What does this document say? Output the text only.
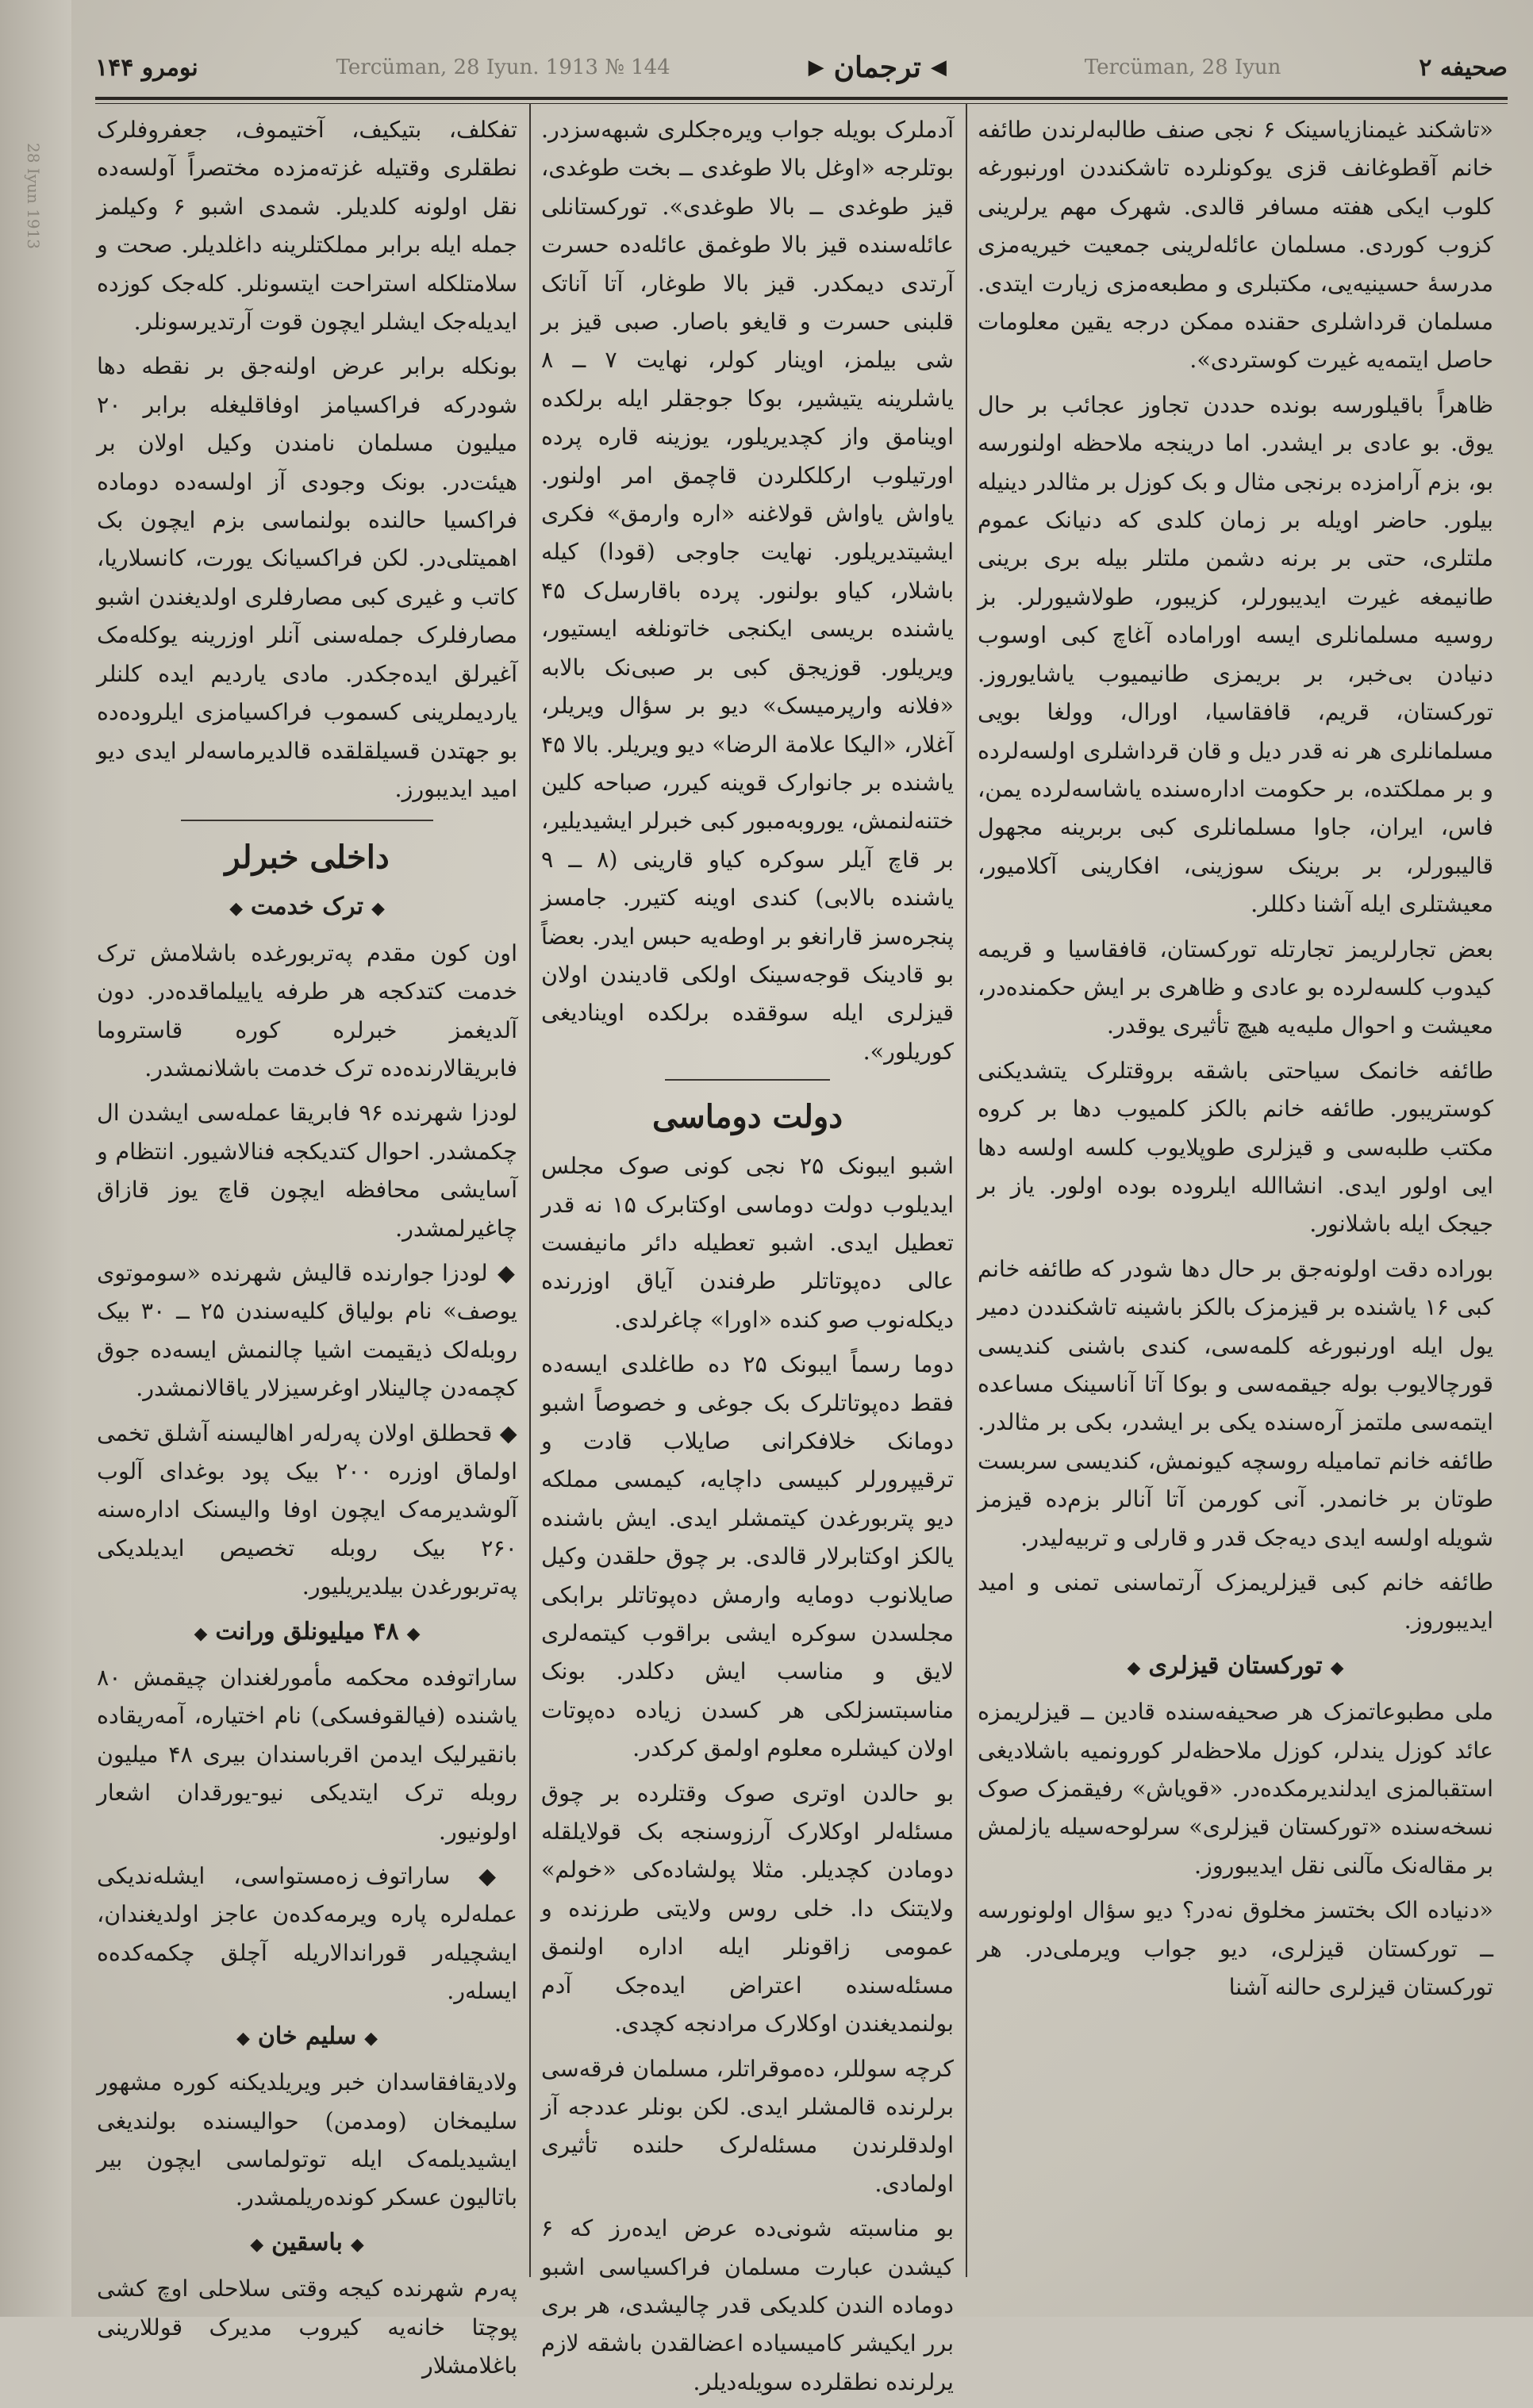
28 Iyun 1913
صحیفه ۲
Tercüman, 28 Iyun
◀
ترجمان
▶
Tercüman, 28 Iyun. 1913 № 144
نومرو ۱۴۴

«تاشکند غیمنازیاسینک ۶ نجی صنف طالبه‌لرندن طائفه خانم آقطوغانف قزی یوکونلرده تاشکنددن اورنبورغه کلوب ایکی هفته مسافر قالدی. شهرک مهم یرلرینی کزوب کوردی. مسلمان عائله‌لرینی جمعیت خیریه‌مزی مدرسهٔ حسینیه‌یی، مکتبلری و مطبعه‌مزی زیارت ایتدی. مسلمان قرداشلری حقنده ممکن درجه یقین معلومات حاصل ایتمه‌یه غیرت کوستردی».

ظاهراً باقیلورسه بونده حددن تجاوز عجائب بر حال یوق. بو عادی بر ایشدر. اما درینجه ملاحظه اولنورسه بو، بزم آرامزده برنجی مثال و بک کوزل بر مثالدر دینیله بیلور. حاضر اویله بر زمان کلدی که دنیانک عموم ملتلری، حتی بر برنه دشمن ملتلر بیله بری برینی طانیمغه غیرت ایدیبورلر، کزیبور، طولاشیورلر. بز روسیه مسلمانلری ایسه اوراماده آغاچ کبی اوسوب دنیادن بی‌خبر، بر بریمزی طانیمیوب یاشایوروز. تورکستان، قریم، قافقاسیا، اورال، وولغا بویی مسلمانلری هر نه قدر دیل و قان قرداشلری اولسه‌لرده و بر مملکتده، بر حکومت اداره‌سنده یاشاسه‌لرده یمن، فاس، ایران، جاوا مسلمانلری کبی بربرینه مجهول قالیبورلر، بر برینک سوزینی، افکارینی آکلامیور، معیشتلری ایله آشنا دکللر.

بعض تجارلریمز تجارتله تورکستان، قافقاسیا و قریمه کیدوب کلسه‌لرده بو عادی و ظاهری بر ایش حکمنده‌در، معیشت و احوال ملیه‌یه هیچ تأثیری یوقدر.

طائفه خانمک سیاحتی باشقه بروقتلرک یتشدیکنی کوستریبور. طائفه خانم بالکز کلمیوب دها بر کروه مکتب طلبه‌سی و قیزلری طوپلایوب کلسه اولسه دها ایی اولور ایدی. انشاالله ایلروده بوده اولور. یاز بر جیجک ایله باشلانور.

بوراده دقت اولونه‌جق بر حال دها شودر که طائفه خانم کبی ۱۶ یاشنده بر قیزمزک بالکز باشینه تاشکنددن دمیر یول ایله اورنبورغه کلمه‌سی، کندی باشنی کندیسی قورچالایوب بوله جیقمه‌سی و بوکا آتا آناسینک مساعده ایتمه‌سی ملتمز آرەسنده یکی بر ایشدر، بکی بر مثالدر. طائفه خانم تمامیله روسچه کیونمش، کندیسی سربست طوتان بر خانمدر. آنی کورمن آتا آنالر بزم‌ده قیزمز شویله اولسه ایدی دیه‌جک قدر و قارلی و تربیه‌لیدر.

طائفه خانم کبی قیزلریمزک آرتماسنی تمنی و امید ایدیبوروز.

◆تورکستان قیزلری◆

ملی مطبوعاتمزک هر صحیفه‌سنده قادین ــ قیزلریمزه عائد کوزل یندلر، کوزل ملاحظه‌لر کورونمیه باشلادیغی استقبالمزی ایدلندیرمکده‌در. «قویاش» رفیقمزک صوک نسخه‌سنده «تورکستان قیزلری» سرلوحه‌سیله یازلمش بر مقاله‌نک مآلنی نقل ایدیبوروز.

«دنیاده الک بختسز مخلوق نه‌در؟ دیو سؤال اولونورسه ــ تورکستان قیزلری، دیو جواب ویرملی‌در. هر تورکستان قیزلری حالنه آشنا

آدملرک بویله جواب ویره‌جکلری شبهه‌سزدر. بوتلرجه «اوغل بالا طوغدی ــ بخت طوغدی، قیز طوغدی ــ بالا طوغدی». تورکستانلی عائله‌سنده قیز بالا طوغمق عائله‌ده حسرت آرتدی دیمکدر. قیز بالا طوغار، آتا آناتک قلبنی حسرت و قایغو باصار. صبی قیز بر شی بیلمز، اوینار کولر، نهایت ۷ ــ ۸ یاشلرینه یتیشیر، بوکا جوجقلر ایله برلکده اوینامق واز کچدیریلور، یوزینه قاره پرده اورتیلوب ارکلکلردن قاچمق امر اولنور. یاواش یاواش قولاغنه «اره وارمق» فکری ایشیتدیریلور. نهایت جاوجی (قودا) کیله باشلار، کیاو بولنور. پرده باقارسل‌ک ۴۵ یاشنده بریسی ایکنجی خاتونلغه ایستیور، ویریلور. قوزیجق کبی بر صبی‌نک بالابه «فلانه وارپرمیسک» دیو بر سؤال ویریلر، آغلار، «الیکا علامة الرضا» دیو ویریلر. بالا ۴۵ یاشنده بر جانوارک قوینه کیرر، صباحه کلین ختنه‌لنمش، یوروبه‌مبور کبی خبرلر ایشیدیلیر، بر قاچ آیلر سوکره کیاو قارینی (۸ ــ ۹ یاشنده بالابی) کندی اوینه کتیرر. جامسز پنجره‌سز قارانغو بر اوطه‌یه حبس ایدر. بعضاً بو قادینک قوجه‌سینک اولکی قادیندن اولان قیزلری ایله سوققده برلکده اوینادیغی کوریلور».

دولت دوماسی

اشبو ایبونک ۲۵ نجی کونی صوک مجلس ایدیلوب دولت دوماسی اوکتابرک ۱۵ نه قدر تعطیل ایدی. اشبو تعطیله دائر مانیفست عالی ده‌پوتاتلر طرفندن آیاق اوزرنده دیکله‌نوب صو کنده «اورا» چاغرلدی.

دوما رسماً ایبونک ۲۵ ده طاغلدی ایسه‌ده فقط ده‌پوتاتلرک بک جوغی و خصوصاً اشبو دومانک خلافکرانی صایلاب قادت و ترقیپرورلر کبیسی داچایه، کیمسی مملکه دیو پتربورغدن کیتمشلر ایدی. ایش باشنده یالکز اوکتابرلار قالدی. بر چوق حلقدن وکیل صایلانوب دومایه وارمش ده‌پوتاتلر برابکی مجلسدن سوکره ایشی براقوب کیتمه‌لری لایق و مناسب ایش دکلدر. بونک مناسبتسزلکی هر کسدن زیاده ده‌پوتات اولان کیشلره معلوم اولمق کرکدر.

بو حالدن اوتری صوک وقتلرده بر چوق مسئله‌لر اوکلارک آرزوسنجه بک قولایلقله دومادن کچدیلر. مثلا پولشاده‌کی «خولم» ولایتنک دا. خلی روس ولایتی طرزنده و عمومی زاقونلر ایله اداره اولنمق مسئله‌سنده اعتراض ایده‌جک آدم بولنمدیغندن اوکلارک مرادنجه کچدی.

کرچه سوللر، ده‌موقراتلر، مسلمان فرقه‌سی برلرنده قالمشلر ایدی. لکن بونلر عددجه آز اولدقلرندن مسئله‌لرک حلنده تأثیری اولمادی.

بو مناسبته شونی‌ده عرض ایده‌رز که ۶ کیشدن عبارت مسلمان فراکسیاسی اشبو دوماده الندن کلدیکی قدر چالیشدی، هر بری برر ایکیشر کامیسیاده اعضالقدن باشقه لازم یرلرنده نطقلرده سویله‌دیلر.

تفکلف، بتیکیف، آختیموف، جعفروفلرک نطقلری وقتیله غزته‌مزده مختصراً آولسه‌ده نقل اولونه کلدیلر. شمدی اشبو ۶ وکیلمز جمله ایله برابر مملکتلرینه داغلدیلر. صحت و سلامتلکله استراحت ایتسونلر. کله‌جک کوزده ایدیله‌جک ایشلر ایچون قوت آرتدیرسونلر.

بونکله برابر عرض اولنه‌جق بر نقطه دها شودرکه فراکسیامز اوفاقلیغله برابر ۲۰ میلیون مسلمان نامندن وکیل اولان بر هیئت‌در. بونک وجودی آز اولسه‌ده دوماده فراکسیا حالنده بولنماسی بزم ایچون بک اهمیتلی‌در. لکن فراکسیانک یورت، کانسلاریا، کاتب و غیری کبی مصارفلری اولدیغندن اشبو مصارفلرک جمله‌سنی آنلر اوزرینه یوکله‌مک آغیرلق ایده‌جکدر. مادی یاردیم ایده کلنلر یاردیملرینی کسموب فراکسیامزی ایلروده‌ده بو جهتدن قسیلقلقده قالدیرماسه‌لر ایدی دیو امید ایدیبورز.

داخلی خبرلر
◆ترک خدمت◆

اون کون مقدم پەتربورغده باشلامش ترک خدمت کتدکجه هر طرفه یاییلماقده‌در. دون آلدیغمز خبرلره کوره قاستروما فابریقالارنده‌ده ترک خدمت باشلانمشدر.

لودزا شهرنده ۹۶ فابریقا عمله‌سی ایشدن ال چکمشدر. احوال کتدیکجه فنالاشیور. انتظام و آسایشی محافظه ایچون قاچ یوز قازاق چاغیرلمشدر.

◆ لودزا جوارنده قالیش شهرنده «سوموتوی یوصف» نام بولیاق کلیه‌سندن ۲۵ ــ ۳۰ بیک روبله‌لک ذیقیمت اشیا چالنمش ایسه‌ده جوق کچمه‌دن چالینلار اوغرسیزلار یاقالانمشدر.

◆ قحطلق اولان پەرلەر اهالیسنه آشلق تخمی اولماق اوزره ۲۰۰ بیک پود بوغدای آلوب آلوشدیرمه‌ک ایچون اوفا والیسنک اداره‌سنه ۲۶۰ بیک روبله تخصیص ایدیلدیکی پەتربورغدن بیلدیریلیور.

◆۴۸ میلیونلق ورانت◆

ساراتوفده محکمه مأمورلغندان چیقمش ۸۰ یاشنده (فیالقوفسکی) نام اختیاره، آمه‌ریقاده بانقیرلیک ایدمن اقرباسندان بیری ۴۸ میلیون روبله ترک ایتدیکی نیو-یورقدان اشعار اولونیور.

◆ ساراتوف زه‌مستواسی، ایشله‌ندیکی عمله‌لره پاره ویرمەکدەن عاجز اولدیغندان، ایشچیلەر قوراندالاریله آچلق چکمەکدەه ایسلەر.

◆سلیم خان◆

ولادیقافقاسدان خبر ویریلدیکنه کوره مشهور سلیمخان (ومدمن) حوالیسنده بولندیغی ایشیدیلمەک ایله توتولماسی ایچون بیر باتالیون عسکر کوندەریلمشدر.

◆باسقین◆

پەرم شهرنده کیجه وقتی سلاحلی اوچ کشی پوچتا خانه‌یه کیروب مدیرک قوللارینی باغلامشلار
